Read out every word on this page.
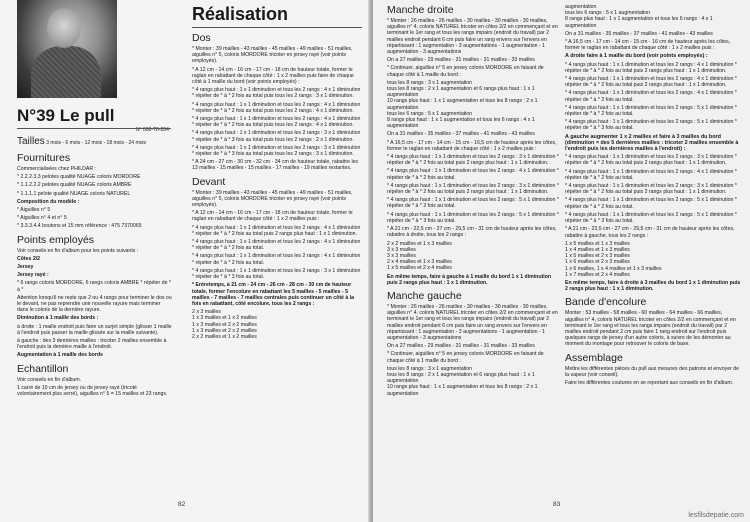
N°39 Le pull
N° 008-T8-284
Tailles 3 mois - 6 mois - 12 mois - 18 mois - 24 mois
Fournitures

Commercialisées chez PHILDAR :

* 2.2.2.3.3 pelotes qualité NUAGE coloris MORDORE

* 1.1.2.2.2 pelotes qualité NUAGE coloris AMBRE

* 1.1.1.1 pelote qualité NUAGE coloris NATUREL

Composition du modèle :

* Aiguilles n° 5

* Aiguilles n° 4 et n° 5

* 3.3.3.4.4 boutons et 15 mm référence : 475 7370065

Points employés

Voir conseils en fin d'album pour les points suivants :

Côtes 2/2

Jersey

Jersey rayé :

* 6 rangs coloris MORDORE, 6 rangs coloris AMBRE * répéter de * à *

Attention lorsqu'il ne reste que 2 ou 4 rangs pour terminer le dos ou le devant, ne pas reprendre une nouvelle rayure mais terminer dans le coloris de la dernière rayure.

Diminution à 1 maille des bords :

à droite : 1 maille endroit puis faire un surjet simple (glisser 1 maille à l'endroit puis passer la maille glissée sur la maille suivante).

à gauche : des 3 dernières mailles : tricoter 2 mailles ensemble à l'endroit puis la dernière maille à l'endroit.

Augmentation à 1 maille des bords

Echantillon

Voir conseils en fin d'album.

1 carré de 10 cm de jersey ou de jersey rayé (tricoté volontairement plus serré), aiguilles n° 5 = 15 mailles et 23 rangs.

Réalisation
Dos

* Monter : 39 mailles - 43 mailles - 45 mailles - 49 mailles - 51 mailles, aiguilles n° 5, coloris MORDORE tricoter en jersey rayé (voir points employés).

* A 12 cm - 14 cm - 16 cm - 17 cm - 18 cm de hauteur totale, former le raglan en rabattant de chaque côté : 1 x 2 mailles puis faire de chaque côté à 1 maille du bord (voir points employés) :

* 4 rangs plus haut : 1 x 1 diminution et tous les 2 rangs : 4 x 1 diminution * répéter de * à * 2 fois au total puis tous les 2 rangs : 3 x 1 diminution.

* 4 rangs plus haut : 1 x 1 diminution et tous les 2 rangs : 4 x 1 diminution * répéter de * à * 2 fois au total puis tous les 2 rangs : 4 x 1 diminution.

* 4 rangs plus haut : 1 x 1 diminution et tous les 2 rangs : 4 x 1 diminution * répéter de * à * 2 fois au total puis tous les 2 rangs : 4 x 1 diminution.

* 4 rangs plus haut : 1 x 1 diminution et tous les 2 rangs : 3 x 1 diminution * répéter de * à * 3 fois au total puis tous les 2 rangs : 2 x 1 diminution.

* 4 rangs plus haut : 1 x 1 diminution et tous les 2 rangs : 3 x 1 diminution * répéter de * à * 3 fois au total puis tous les 2 rangs : 3 x 1 diminution.

* A 24 cm - 27 cm - 30 cm - 32 cm - 34 cm de hauteur totale, rabattre les 13 mailles - 15 mailles - 15 mailles - 17 mailles - 19 mailles restantes.

Devant

* Monter : 39 mailles - 43 mailles - 45 mailles - 49 mailles - 51 mailles, aiguilles n° 5, coloris MORDORE tricoter en jersey rayé (voir points employés).

* A 12 cm - 14 cm - 16 cm - 17 cm - 18 cm de hauteur totale, former le raglan en rabattant de chaque côté : 1 x 2 mailles puis :

* 4 rangs plus haut : 1 x 1 diminution et tous les 2 rangs : 4 x 1 diminution * répéter de * à * 2 fois au total puis 2 rangs plus haut : 1 x 1 diminution.

* 4 rangs plus haut : 1 x 1 diminution et tous les 2 rangs : 4 x 1 diminution * répéter de * à * 2 fois au total.

* 4 rangs plus haut : 1 x 1 diminution et tous les 2 rangs : 4 x 1 diminution * répéter de * à * 2 fois au total.

* 4 rangs plus haut : 1 x 1 diminution et tous les 2 rangs : 3 x 1 diminution * répéter de * à * 3 fois au total.

* Entretemps, à 21 cm - 24 cm - 26 cm - 28 cm - 30 cm de hauteur totale, former l'encolure en rabattant les 5 mailles - 5 mailles - 5 mailles - 7 mailles - 7 mailles centrales puis continuer un côté à la fois en rabattant, côté encolure, tous les 2 rangs :

2 x 3 mailles

1 x 3 mailles et 1 x 2 mailles

1 x 3 mailles et 2 x 2 mailles

1 x 3 mailles et 2 x 2 mailles

2 x 2 mailles et 1 x 2 mailles

82
Manche droite

* Monter : 26 mailles - 26 mailles - 30 mailles - 30 mailles - 30 mailles, aiguilles n° 4, coloris NATUREL tricoter en côtes 2/2 en commençant et en terminant le 1er rang et tous les rangs impairs (endroit du travail) par 2 mailles endroit pendant 6 cm puis faire un rang envers sur l'envers en répartissant : 1 augmentation - 3 augmentations - 1 augmentation - 1 augmentation - 3 augmentations

On a 27 mailles - 29 mailles - 31 mailles - 31 mailles - 33 mailles

* Continuer, aiguilles n° 5 en jersey coloris MORDORE en faisant de chaque côté à 1 maille du bord :

tous les 8 rangs : 3 x 1 augmentation

tous les 8 rangs : 2 x 1 augmentation et 6 rangs plus haut : 1 x 1 augmentation

10 rangs plus haut : 1 x 1 augmentation et tous les 8 rangs : 2 x 1 augmentation

tous les 6 rangs : 5 x 1 augmentation

8 rangs plus haut : 1 x 1 augmentation et tous les 6 rangs : 4 x 1 augmentation

On a 31 mailles - 35 mailles - 37 mailles - 41 mailles - 43 mailles

* A 16,5 cm - 17 cm - 14 cm - 15 cm - 16,5 cm de hauteur après les côtes, former le raglan en rabattant de chaque côté : 1 x 2 mailles puis :

* 4 rangs plus haut : 1 x 1 diminution et tous les 2 rangs : 3 x 1 diminution * répéter de * à * 2 fois au total puis 2 rangs plus haut : 1 x 1 diminution.

* 4 rangs plus haut : 1 x 1 diminution et tous les 2 rangs : 4 x 1 diminution * répéter de * à * 2 fois au total.

* 4 rangs plus haut : 1 x 1 diminution et tous les 2 rangs : 3 x 1 diminution * répéter de * à * 2 fois au total puis 2 rangs plus haut : 1 x 1 diminution.

* 4 rangs plus haut : 1 x 1 diminution et tous les 2 rangs : 5 x 1 diminution * répéter de * à * 2 fois au total.

* 4 rangs plus haut : 1 x 1 diminution et tous les 2 rangs : 5 x 1 diminution * répéter de * à * 3 fois au total.

* A 21 cm - 22,5 cm - 27 cm - 29,5 cm - 31 cm de hauteur après les côtes, rabattre à droite, tous les 2 rangs :

2 x 2 mailles et 1 x 3 mailles

3 x 3 mailles

3 x 3 mailles

2 x 4 mailles et 1 x 3 mailles

1 x 5 mailles et 2 x 4 mailles

En même temps, faire à gauche à 1 maille du bord 1 x 1 diminution puis 2 rangs plus haut : 1 x 1 diminution.

Manche gauche

* Monter : 26 mailles - 26 mailles - 30 mailles - 30 mailles - 30 mailles, aiguilles n° 4, coloris NATUREL tricoter en côtes 2/2 en commençant et en terminant le 1er rang et tous les rangs impairs (endroit du travail) par 2 mailles endroit pendant 6 cm puis faire un rang envers sur l'envers en répartissant : 1 augmentation - 3 augmentations - 1 augmentation - 1 augmentation - 3 augmentations

On a 27 mailles - 29 mailles - 31 mailles - 31 mailles - 33 mailles

* Continuer, aiguilles n° 5 en jersey coloris MORDORE en faisant de chaque côté à 1 maille du bord :

tous les 8 rangs : 3 x 1 augmentation

tous les 8 rangs : 2 x 1 augmentation et 6 rangs plus haut : 1 x 1 augmentation

10 rangs plus haut : 1 x 1 augmentation et tous les 8 rangs : 2 x 1 augmentation

augmentation

tous les 6 rangs : 5 x 1 augmentation

8 rangs plus haut : 1 x 1 augmentation et tous les 6 rangs : 4 x 1 augmentation

On a 31 mailles - 35 mailles - 37 mailles - 41 mailles - 43 mailles

* A 16,5 cm - 17 cm - 14 cm - 15 cm - 16 cm de hauteur après les côtes, former le raglan en rabattant de chaque côté : 1 x 2 mailles puis :

A droite faire à 1 maille du bord (voir points employés) :

* 4 rangs plus haut : 1 x 1 diminution et tous les 2 rangs : 4 x 1 diminution * répéter de * à * 2 fois au total puis 2 rangs plus haut : 1 x 1 diminution.

* 4 rangs plus haut : 1 x 1 diminution et tous les 2 rangs : 4 x 1 diminution * répéter de * à * 2 fois au total puis 2 rangs plus haut : 1 x 1 diminution.

* 4 rangs plus haut : 1 x 1 diminution et tous les 2 rangs : 4 x 1 diminution * répéter de * à * 2 fois au total.

* 4 rangs plus haut : 1 x 1 diminution et tous les 2 rangs : 5 x 1 diminution * répéter de * à * 2 fois au total.

* 4 rangs plus haut : 1 x 1 diminution et tous les 2 rangs : 5 x 1 diminution * répéter de * à * 3 fois au total.

A gauche augmenter 1 x 2 mailles et faire à 3 mailles du bord (diminution = des 5 dernières mailles : tricoter 2 mailles ensemble à l'endroit puis les dernières mailles à l'endroit) :

* 4 rangs plus haut : 1 x 1 diminution et tous les 2 rangs : 3 x 1 diminution * répéter de * à * 2 fois au total puis 2 rangs plus haut : 1 x 1 diminution.

* 4 rangs plus haut : 1 x 1 diminution et tous les 2 rangs : 4 x 1 diminution * répéter de * à * 2 fois au total.

* 4 rangs plus haut : 1 x 1 diminution et tous les 2 rangs : 3 x 1 diminution * répéter de * à * 2 fois au total puis 2 rangs plus haut : 1 x 1 diminution.

* 4 rangs plus haut : 1 x 1 diminution et tous les 2 rangs : 5 x 1 diminution * répéter de * à * 2 fois au total.

* 4 rangs plus haut : 1 x 1 diminution et tous les 2 rangs : 5 x 1 diminution * répéter de * à * 3 fois au total.

* A 21 cm - 23,5 cm - 27 cm - 29,5 cm - 31 cm de hauteur après les côtes, rabattre à gauche, tous les 2 rangs :

1 x 5 mailles et 1 x 3 mailles

1 x 4 mailles et 1 x 3 mailles

1 x 5 mailles et 2 x 3 mailles

1 x 6 mailles et 2 x 3 mailles

1 x 6 mailles, 1 x 4 mailles et 1 x 3 mailles

1 x 7 mailles et 2 x 4 mailles

En même temps, faire à droite à 3 mailles du bord 1 x 1 diminution puis 2 rangs plus haut : 1 x 1 diminution.

Bande d'encolure

Monter : 53 mailles - 58 mailles - 60 mailles - 64 mailles - 66 mailles, aiguilles n° 4, coloris NATUREL tricoter en côtes 2/2 en commençant et en terminant le 1er rang et tous les rangs impairs (endroit du travail) par 2 mailles endroit pendant 2 cm puis faire 1 rang endroit sur l'endroit puis quelques rangs de jersey d'un autre coloris, à suivre de les démonter au moment du montage pour retrouver le coloris de base.

Assemblage

Mettre les différentes pièces du pull aux mesures des patrons et envoyer de la vapeur (voir conseil).

Faire les différentes coutures en se reportant aux conseils en fin d'album.

83
lesfilsdepatie.com
